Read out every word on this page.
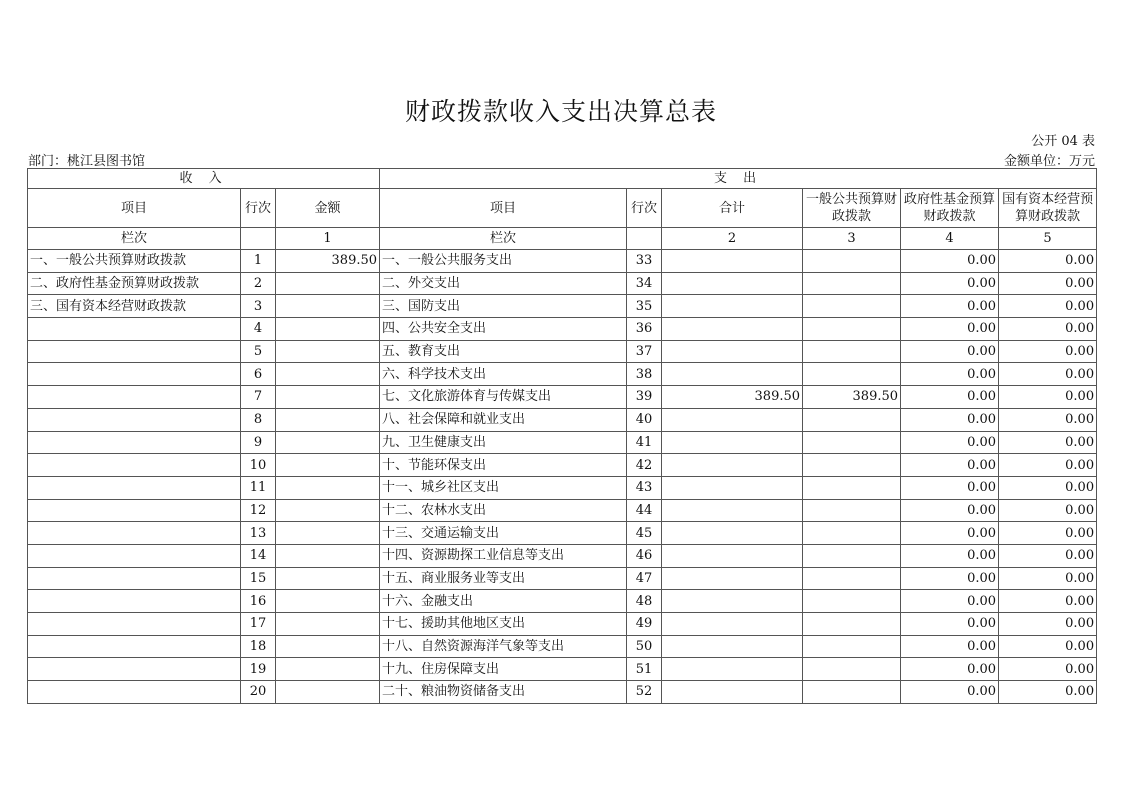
财政拨款收入支出决算总表
公开 04 表
部门：桃江县图书馆	金额单位：万元
收 入			支 出					
项目	行次	金额	项目	行次	合计	一般公共预算财政拨款	政府性基金预算财政拨款	国有资本经营预算财政拨款
栏次		1	栏次		2	3	4	5
一、一般公共预算财政拨款	1	389.50	一、一般公共服务支出	33			0.00	0.00
二、政府性基金预算财政拨款	2		二、外交支出	34			0.00	0.00
三、国有资本经营财政拨款	3		三、国防支出	35			0.00	0.00
	4		四、公共安全支出	36			0.00	0.00
	5		五、教育支出	37			0.00	0.00
	6		六、科学技术支出	38			0.00	0.00
	7		七、文化旅游体育与传媒支出	39	389.50	389.50	0.00	0.00
	8		八、社会保障和就业支出	40			0.00	0.00
	9		九、卫生健康支出	41			0.00	0.00
	10		十、节能环保支出	42			0.00	0.00
	11		十一、城乡社区支出	43			0.00	0.00
	12		十二、农林水支出	44			0.00	0.00
	13		十三、交通运输支出	45			0.00	0.00
	14		十四、资源勘探工业信息等支出	46			0.00	0.00
	15		十五、商业服务业等支出	47			0.00	0.00
	16		十六、金融支出	48			0.00	0.00
	17		十七、援助其他地区支出	49			0.00	0.00
	18		十八、自然资源海洋气象等支出	50			0.00	0.00
	19		十九、住房保障支出	51			0.00	0.00
	20		二十、粮油物资储备支出	52			0.00	0.00
